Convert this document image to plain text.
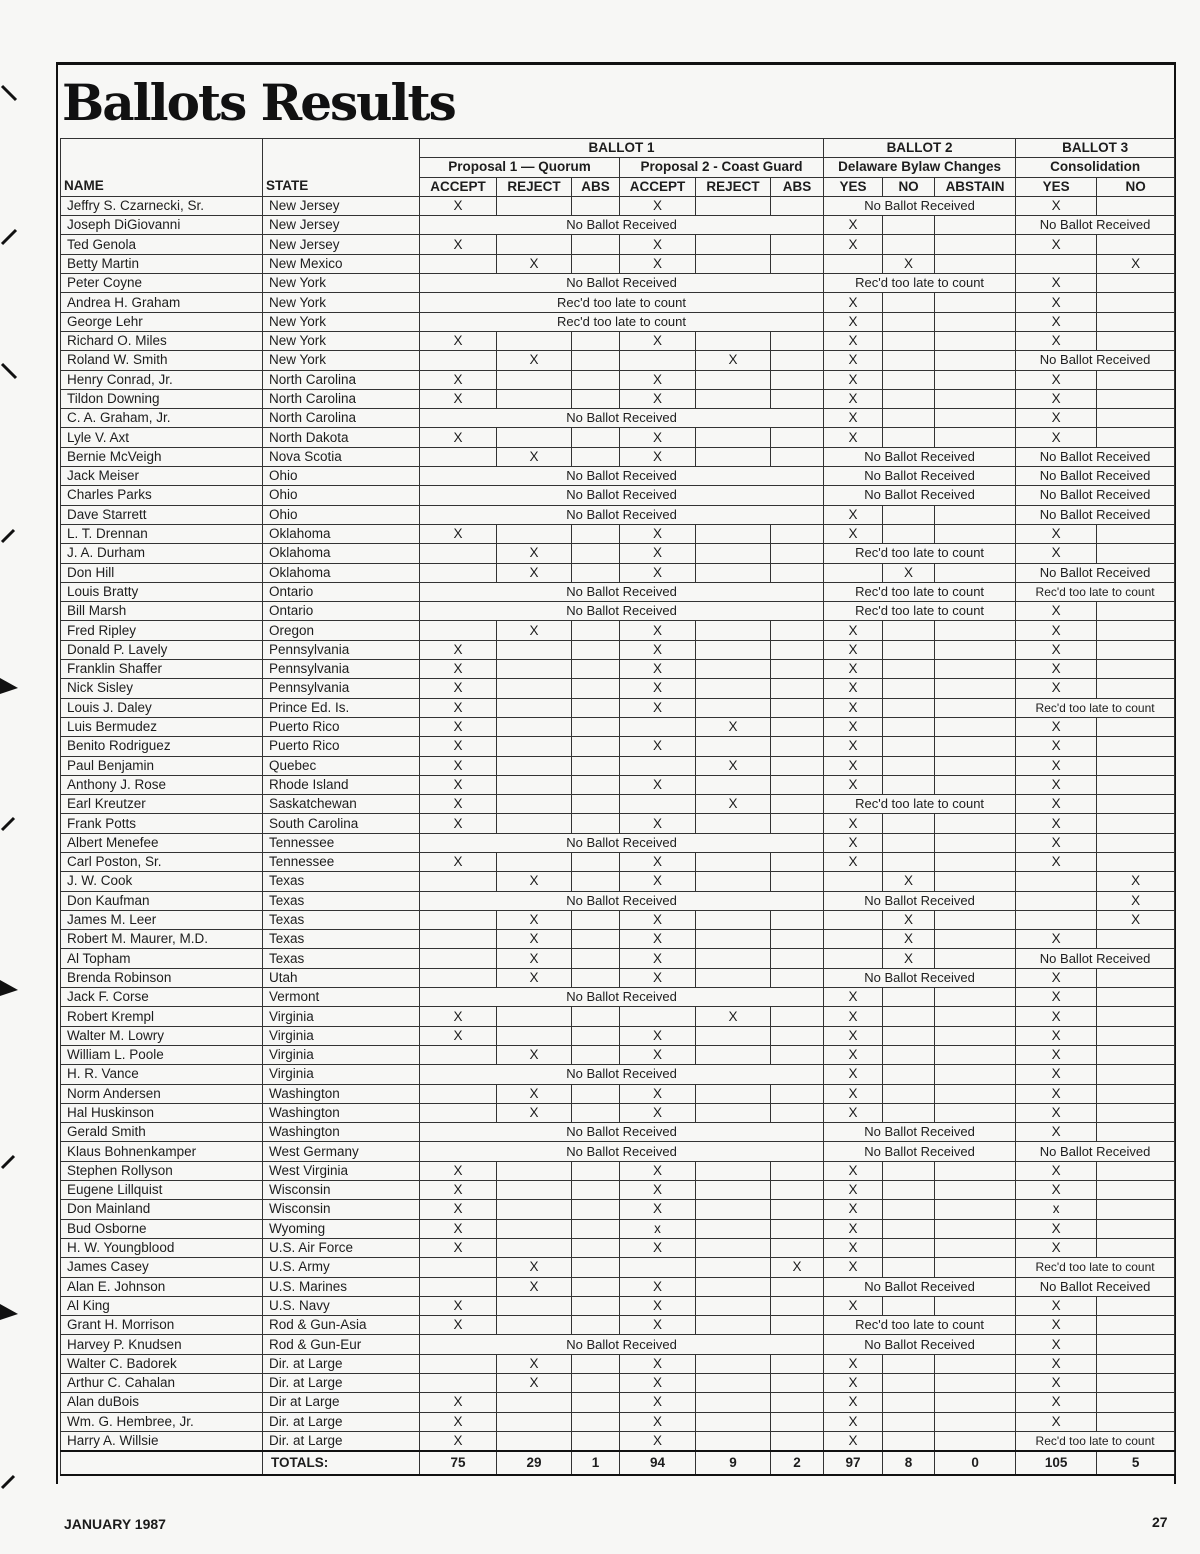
Ballots Results
		BALLOT 1						BALLOT 2			BALLOT 3	
		Proposal 1 — Quorum			Proposal 2 - Coast Guard			Delaware Bylaw Changes			Consolidation	
NAME	STATE	ACCEPT	REJECT	ABS	ACCEPT	REJECT	ABS	YES	NO	ABSTAIN	YES	NO
Jeffry S. Czarnecki, Sr.	New Jersey	X			X			No Ballot Received			X	
Joseph DiGiovanni	New Jersey	No Ballot Received						X			No Ballot Received	
Ted Genola	New Jersey	X			X			X			X	
Betty Martin	New Mexico		X		X				X			X
Peter Coyne	New York	No Ballot Received						Rec'd too late to count			X	
Andrea H. Graham	New York	Rec'd too late to count						X			X	
George Lehr	New York	Rec'd too late to count						X			X	
Richard O. Miles	New York	X			X			X			X	
Roland W. Smith	New York		X			X		X			No Ballot Received	
Henry Conrad, Jr.	North Carolina	X			X			X			X	
Tildon Downing	North Carolina	X			X			X			X	
C. A. Graham, Jr.	North Carolina	No Ballot Received						X			X	
Lyle V. Axt	North Dakota	X			X			X			X	
Bernie McVeigh	Nova Scotia		X		X			No Ballot Received			No Ballot Received	
Jack Meiser	Ohio	No Ballot Received						No Ballot Received			No Ballot Received	
Charles Parks	Ohio	No Ballot Received						No Ballot Received			No Ballot Received	
Dave Starrett	Ohio	No Ballot Received						X			No Ballot Received	
L. T. Drennan	Oklahoma	X			X			X			X	
J. A. Durham	Oklahoma		X		X			Rec'd too late to count			X	
Don Hill	Oklahoma		X		X				X		No Ballot Received	
Louis Bratty	Ontario	No Ballot Received						Rec'd too late to count			Rec'd too late to count	
Bill Marsh	Ontario	No Ballot Received						Rec'd too late to count			X	
Fred Ripley	Oregon		X		X			X			X	
Donald P. Lavely	Pennsylvania	X			X			X			X	
Franklin Shaffer	Pennsylvania	X			X			X			X	
Nick Sisley	Pennsylvania	X			X			X			X	
Louis J. Daley	Prince Ed. Is.	X			X			X			Rec'd too late to count	
Luis Bermudez	Puerto Rico	X				X		X			X	
Benito Rodriguez	Puerto Rico	X			X			X			X	
Paul Benjamin	Quebec	X				X		X			X	
Anthony J. Rose	Rhode Island	X			X			X			X	
Earl Kreutzer	Saskatchewan	X				X		Rec'd too late to count			X	
Frank Potts	South Carolina	X			X			X			X	
Albert Menefee	Tennessee	No Ballot Received						X			X	
Carl Poston, Sr.	Tennessee	X			X			X			X	
J. W. Cook	Texas		X		X				X			X
Don Kaufman	Texas	No Ballot Received						No Ballot Received				X
James M. Leer	Texas		X		X				X			X
Robert M. Maurer, M.D.	Texas		X		X				X		X	
Al Topham	Texas		X		X				X		No Ballot Received	
Brenda Robinson	Utah		X		X			No Ballot Received			X	
Jack F. Corse	Vermont	No Ballot Received						X			X	
Robert Krempl	Virginia	X				X		X			X	
Walter M. Lowry	Virginia	X			X			X			X	
William L. Poole	Virginia		X		X			X			X	
H. R. Vance	Virginia	No Ballot Received						X			X	
Norm Andersen	Washington		X		X			X			X	
Hal Huskinson	Washington		X		X			X			X	
Gerald Smith	Washington	No Ballot Received						No Ballot Received			X	
Klaus Bohnenkamper	West Germany	No Ballot Received						No Ballot Received			No Ballot Received	
Stephen Rollyson	West Virginia	X			X			X			X	
Eugene Lillquist	Wisconsin	X			X			X			X	
Don Mainland	Wisconsin	X			X			X			x	
Bud Osborne	Wyoming	X			x			X			X	
H. W. Youngblood	U.S. Air Force	X			X			X			X	
James Casey	U.S. Army		X				X	X			Rec'd too late to count	
Alan E. Johnson	U.S. Marines		X		X			No Ballot Received			No Ballot Received	
Al King	U.S. Navy	X			X			X			X	
Grant H. Morrison	Rod & Gun-Asia	X			X			Rec'd too late to count			X	
Harvey P. Knudsen	Rod & Gun-Eur	No Ballot Received						No Ballot Received			X	
Walter C. Badorek	Dir. at Large		X		X			X			X	
Arthur C. Cahalan	Dir. at Large		X		X			X			X	
Alan duBois	Dir at Large	X			X			X			X	
Wm. G. Hembree, Jr.	Dir. at Large	X			X			X			X	
Harry A. Willsie	Dir. at Large	X			X			X			Rec'd too late to count	
	TOTALS:	75	29	1	94	9	2	97	8	0	105	5
JANUARY 1987	27
